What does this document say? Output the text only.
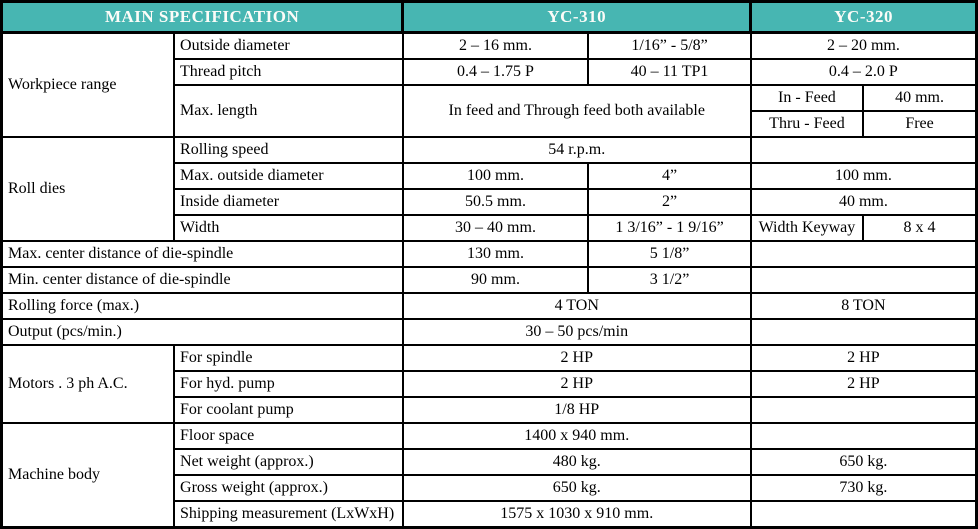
MAIN SPECIFICATION		YC-310		YC-320	
Workpiece range	Outside diameter	2 – 16 mm.	1/16” - 5/8”	2 – 20 mm.	
	Thread pitch	0.4 – 1.75 P	40 – 11 TP1	0.4 – 2.0 P	
	Max. length	In feed and Through feed both available		In - Feed	40 mm.
				Thru - Feed	Free
Roll dies	Rolling speed	54 r.p.m.			
	Max. outside diameter	100 mm.	4”	100 mm.	
	Inside diameter	50.5 mm.	2”	40 mm.	
	Width	30 – 40 mm.	1 3/16” - 1 9/16”	Width Keyway	8 x 4
Max. center distance of die-spindle		130 mm.	5 1/8”		
Min. center distance of die-spindle		90 mm.	3 1/2”		
Rolling force (max.)		4 TON		8 TON	
Output (pcs/min.)		30 – 50 pcs/min			
Motors . 3 ph A.C.	For spindle	2 HP		2 HP	
	For hyd. pump	2 HP		2 HP	
	For coolant pump	1/8 HP			
Machine body	Floor space	1400 x 940 mm.			
	Net weight (approx.)	480 kg.		650 kg.	
	Gross weight (approx.)	650 kg.		730 kg.	
	Shipping measurement (LxWxH)	1575 x 1030 x 910 mm.			
